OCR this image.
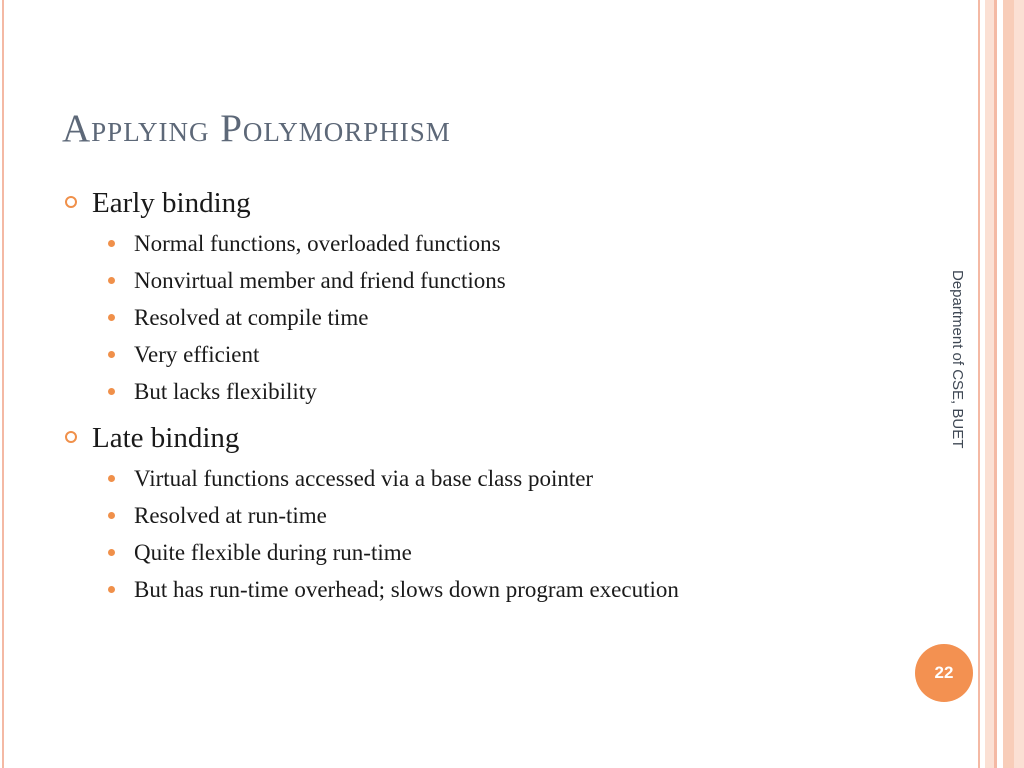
Applying Polymorphism
Early binding
Normal functions, overloaded functions
Nonvirtual member and friend functions
Resolved at compile time
Very efficient
But lacks flexibility
Late binding
Virtual functions accessed via a base class pointer
Resolved at run-time
Quite flexible during run-time
But has run-time overhead; slows down program execution
Department of CSE, BUET
22
